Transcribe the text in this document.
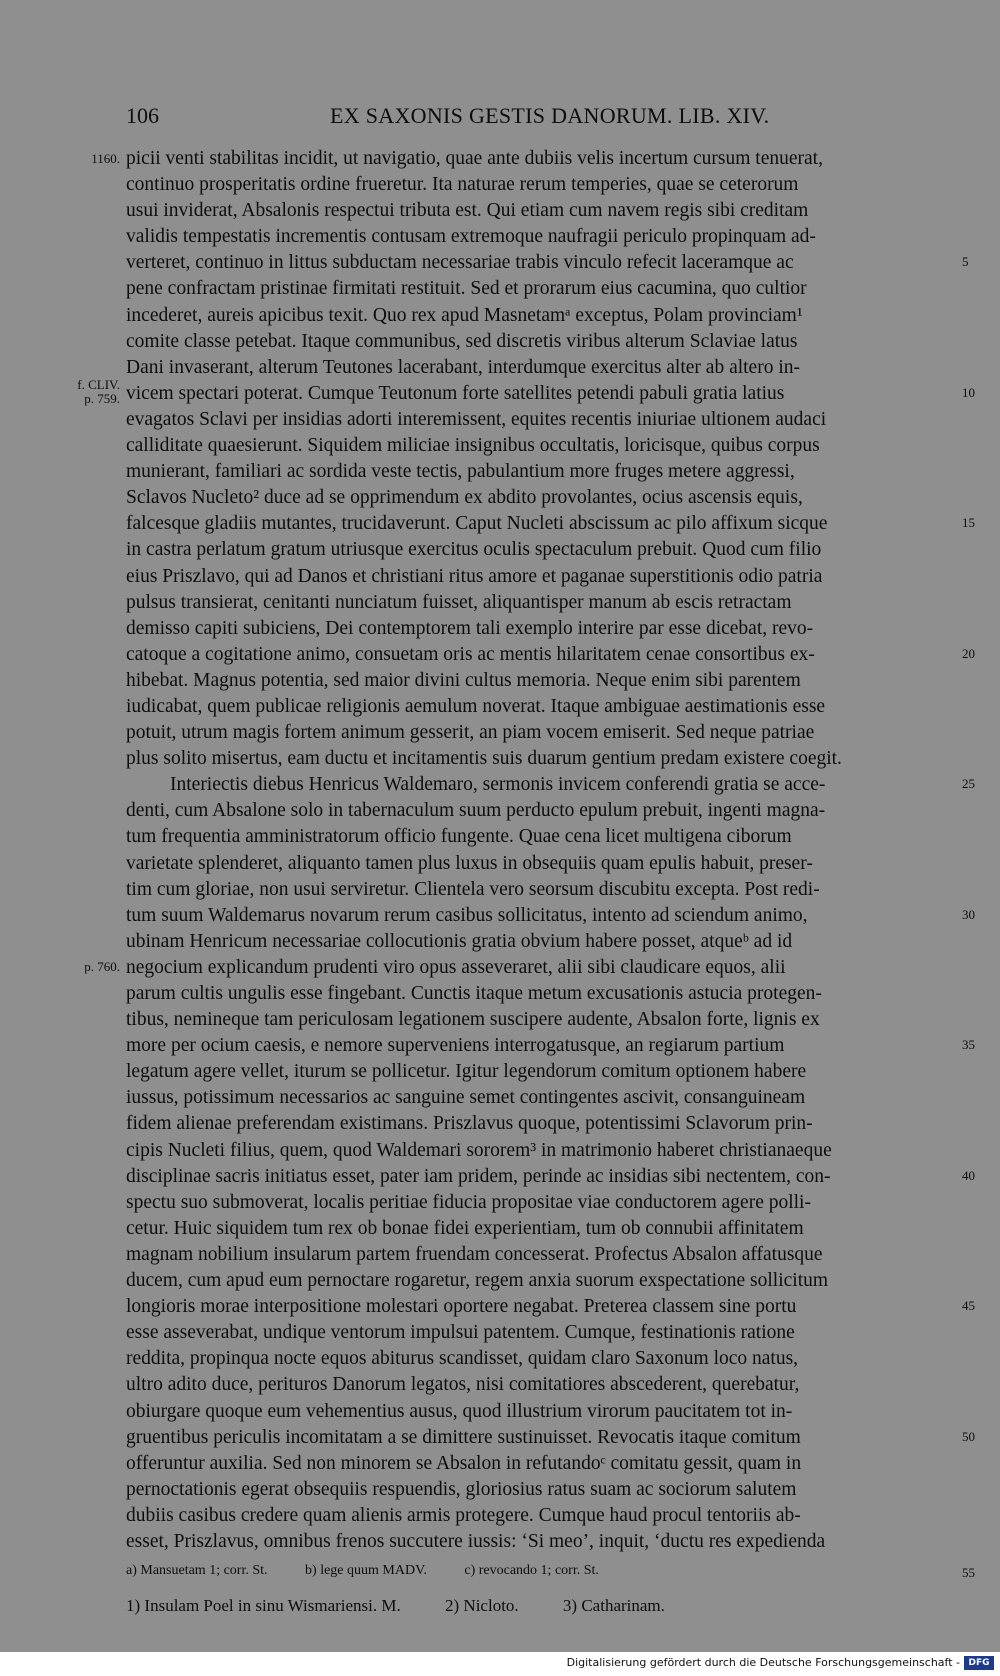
106	EX SAXONIS GESTIS DANORUM. LIB. XIV.
1160.
f. CLIV.
p. 759.
p. 760.
5
10
15
20
25
30
35
40
45
50
picii venti stabilitas incidit, ut navigatio, quae ante dubiis velis incertum cursum tenuerat,
continuo prosperitatis ordine frueretur. Ita naturae rerum temperies, quae se ceterorum
usui inviderat, Absalonis respectui tributa est. Qui etiam cum navem regis sibi creditam
validis tempestatis incrementis contusam extremoque naufragii periculo propinquam ad-
verteret, continuo in littus subductam necessariae trabis vinculo refecit laceramque ac
pene confractam pristinae firmitati restituit. Sed et prorarum eius cacumina, quo cultior
incederet, aureis apicibus texit. Quo rex apud Masnetamᵃ exceptus, Polam provinciam¹
comite classe petebat. Itaque communibus, sed discretis viribus alterum Sclaviae latus
Dani invaserant, alterum Teutones lacerabant, interdumque exercitus alter ab altero in-
vicem spectari poterat. Cumque Teutonum forte satellites petendi pabuli gratia latius
evagatos Sclavi per insidias adorti interemissent, equites recentis iniuriae ultionem audaci
calliditate quaesierunt. Siquidem miliciae insignibus occultatis, loricisque, quibus corpus
munierant, familiari ac sordida veste tectis, pabulantium more fruges metere aggressi,
Sclavos Nucleto² duce ad se opprimendum ex abdito provolantes, ocius ascensis equis,
falcesque gladiis mutantes, trucidaverunt. Caput Nucleti abscissum ac pilo affixum sicque
in castra perlatum gratum utriusque exercitus oculis spectaculum prebuit. Quod cum filio
eius Priszlavo, qui ad Danos et christiani ritus amore et paganae superstitionis odio patria
pulsus transierat, cenitanti nunciatum fuisset, aliquantisper manum ab escis retractam
demisso capiti subiciens, Dei contemptorem tali exemplo interire par esse dicebat, revo-
catoque a cogitatione animo, consuetam oris ac mentis hilaritatem cenae consortibus ex-
hibebat. Magnus potentia, sed maior divini cultus memoria. Neque enim sibi parentem
iudicabat, quem publicae religionis aemulum noverat. Itaque ambiguae aestimationis esse
potuit, utrum magis fortem animum gesserit, an piam vocem emiserit. Sed neque patriae
plus solito misertus, eam ductu et incitamentis suis duarum gentium predam existere coegit.
Interiectis diebus Henricus Waldemaro, sermonis invicem conferendi gratia se acce-
denti, cum Absalone solo in tabernaculum suum perducto epulum prebuit, ingenti magna-
tum frequentia amministratorum officio fungente. Quae cena licet multigena ciborum
varietate splenderet, aliquanto tamen plus luxus in obsequiis quam epulis habuit, preser-
tim cum gloriae, non usui serviretur. Clientela vero seorsum discubitu excepta. Post redi-
tum suum Waldemarus novarum rerum casibus sollicitatus, intento ad sciendum animo,
ubinam Henricum necessariae collocutionis gratia obvium habere posset, atqueᵇ ad id
negocium explicandum prudenti viro opus asseveraret, alii sibi claudicare equos, alii
parum cultis ungulis esse fingebant. Cunctis itaque metum excusationis astucia protegen-
tibus, nemineque tam periculosam legationem suscipere audente, Absalon forte, lignis ex
more per ocium caesis, e nemore superveniens interrogatusque, an regiarum partium
legatum agere vellet, iturum se pollicetur. Igitur legendorum comitum optionem habere
iussus, potissimum necessarios ac sanguine semet contingentes ascivit, consanguineam
fidem alienae preferendam existimans. Priszlavus quoque, potentissimi Sclavorum prin-
cipis Nucleti filius, quem, quod Waldemari sororem³ in matrimonio haberet christianaeque
disciplinae sacris initiatus esset, pater iam pridem, perinde ac insidias sibi nectentem, con-
spectu suo submoverat, localis peritiae fiducia propositae viae conductorem agere polli-
cetur. Huic siquidem tum rex ob bonae fidei experientiam, tum ob connubii affinitatem
magnam nobilium insularum partem fruendam concesserat. Profectus Absalon affatusque
ducem, cum apud eum pernoctare rogaretur, regem anxia suorum exspectatione sollicitum
longioris morae interpositione molestari oportere negabat. Preterea classem sine portu
esse asseverabat, undique ventorum impulsui patentem. Cumque, festinationis ratione
reddita, propinqua nocte equos abiturus scandisset, quidam claro Saxonum loco natus,
ultro adito duce, perituros Danorum legatos, nisi comitatiores abscederent, querebatur,
obiurgare quoque eum vehementius ausus, quod illustrium virorum paucitatem tot in-
gruentibus periculis incomitatam a se dimittere sustinuisset. Revocatis itaque comitum
offeruntur auxilia. Sed non minorem se Absalon in refutandoᶜ comitatu gessit, quam in
pernoctationis egerat obsequiis respuendis, gloriosius ratus suam ac sociorum salutem
dubiis casibus credere quam alienis armis protegere. Cumque haud procul tentoriis ab-
esset, Priszlavus, omnibus frenos succutere iussis: ‘Si meo’, inquit, ‘ductu res expedienda
a) Mansuetam 1; corr. St.	b) lege quum MADV.	c) revocando 1; corr. St.	55
1) Insulam Poel in sinu Wismariensi. M.	2) Nicloto.	3) Catharinam.
Digitalisierung gefördert durch die Deutsche Forschungsgemeinschaft - DFG
